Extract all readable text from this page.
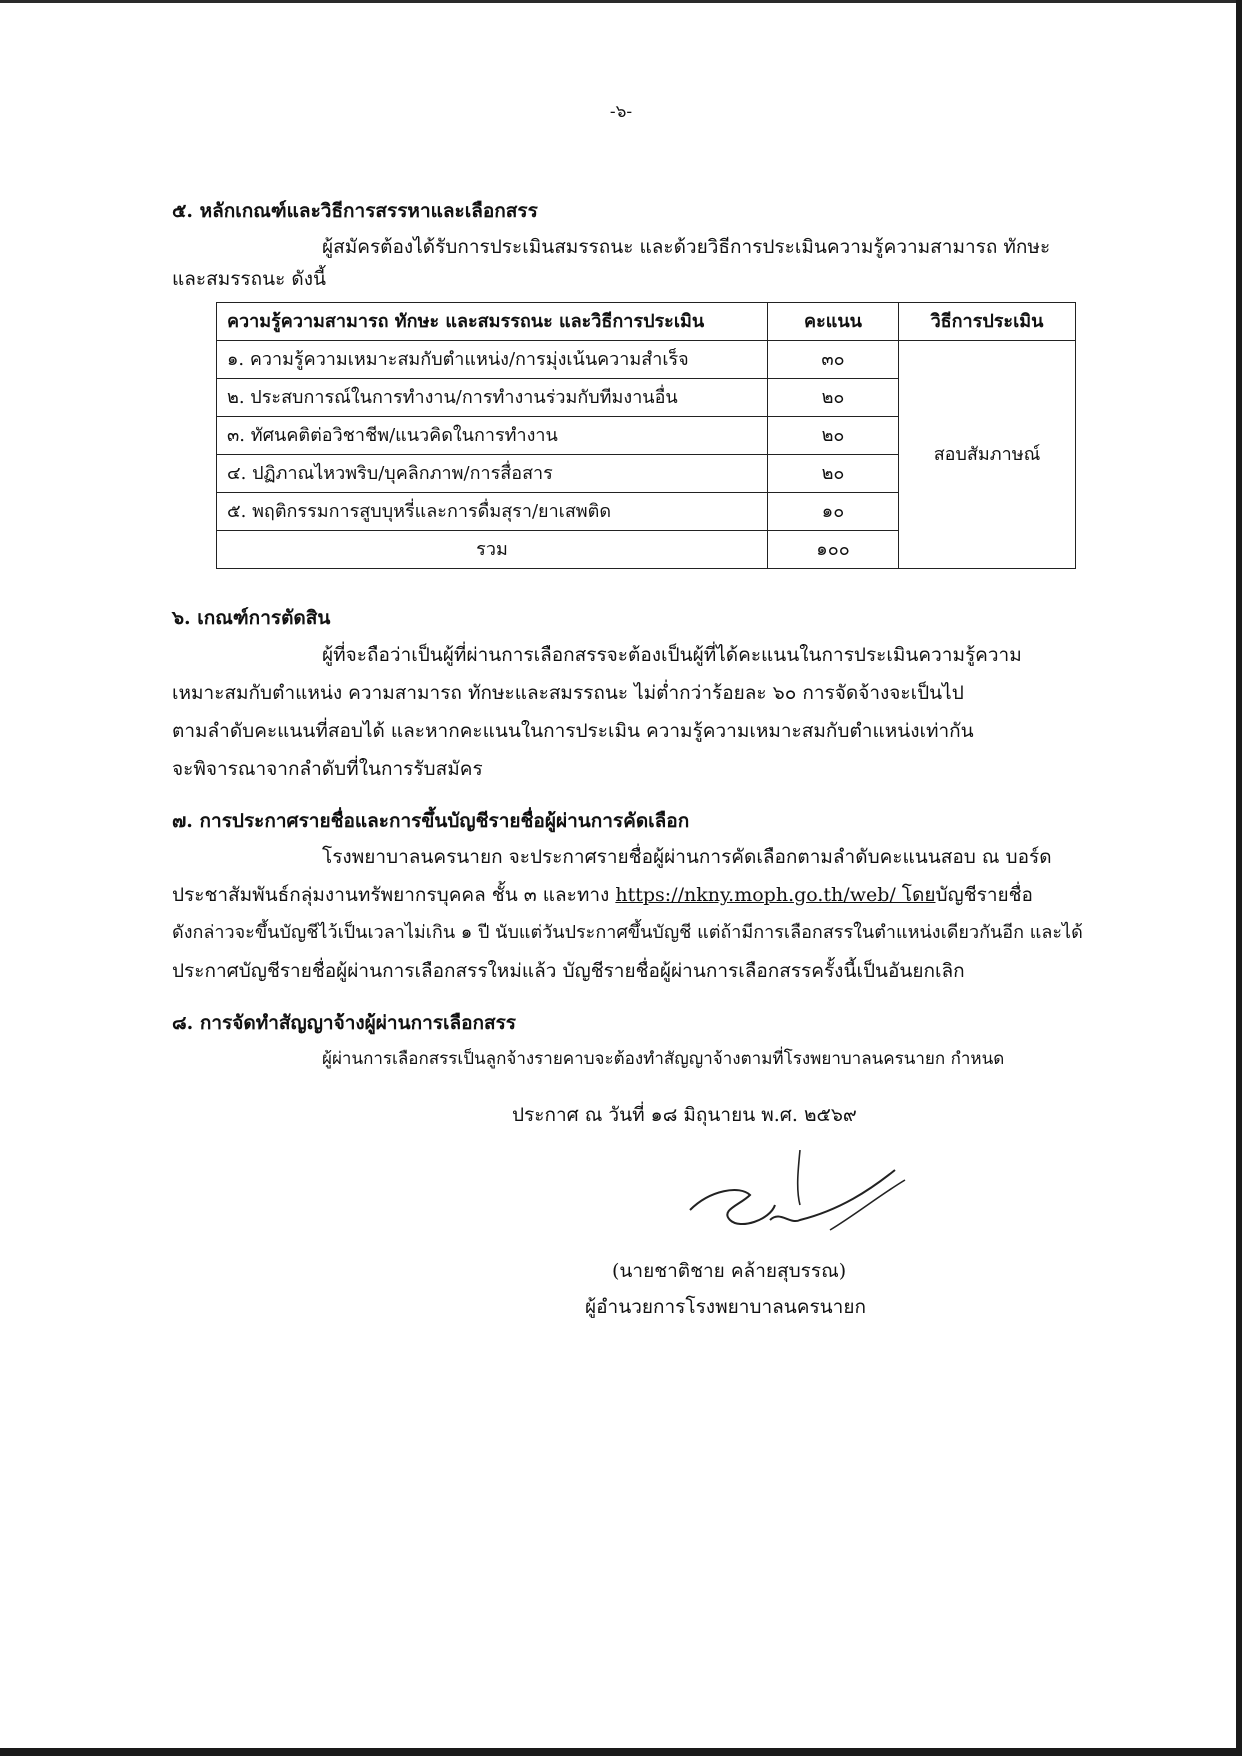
-๖-
๕. หลักเกณฑ์และวิธีการสรรหาและเลือกสรร
ผู้สมัครต้องได้รับการประเมินสมรรถนะ และด้วยวิธีการประเมินความรู้ความสามารถ ทักษะ
และสมรรถนะ ดังนี้
ความรู้ความสามารถ ทักษะ และสมรรถนะ และวิธีการประเมิน	คะแนน	วิธีการประเมิน
๑. ความรู้ความเหมาะสมกับตำแหน่ง/การมุ่งเน้นความสำเร็จ	๓๐	สอบสัมภาษณ์
๒. ประสบการณ์ในการทำงาน/การทำงานร่วมกับทีมงานอื่น	๒๐	
๓. ทัศนคติต่อวิชาชีพ/แนวคิดในการทำงาน	๒๐	
๔. ปฏิภาณไหวพริบ/บุคลิกภาพ/การสื่อสาร	๒๐	
๕. พฤติกรรมการสูบบุหรี่และการดื่มสุรา/ยาเสพติด	๑๐	
รวม	๑๐๐	
๖. เกณฑ์การตัดสิน
ผู้ที่จะถือว่าเป็นผู้ที่ผ่านการเลือกสรรจะต้องเป็นผู้ที่ได้คะแนนในการประเมินความรู้ความ
เหมาะสมกับตำแหน่ง ความสามารถ ทักษะและสมรรถนะ ไม่ต่ำกว่าร้อยละ ๖๐ การจัดจ้างจะเป็นไป
ตามลำดับคะแนนที่สอบได้ และหากคะแนนในการประเมิน ความรู้ความเหมาะสมกับตำแหน่งเท่ากัน
จะพิจารณาจากลำดับที่ในการรับสมัคร
๗. การประกาศรายชื่อและการขึ้นบัญชีรายชื่อผู้ผ่านการคัดเลือก
โรงพยาบาลนครนายก จะประกาศรายชื่อผู้ผ่านการคัดเลือกตามลำดับคะแนนสอบ ณ บอร์ด
ประชาสัมพันธ์กลุ่มงานทรัพยากรบุคคล ชั้น ๓ และทาง https://nkny.moph.go.th/web/ โดยบัญชีรายชื่อ
ดังกล่าวจะขึ้นบัญชีไว้เป็นเวลาไม่เกิน ๑ ปี นับแต่วันประกาศขึ้นบัญชี แต่ถ้ามีการเลือกสรรในตำแหน่งเดียวกันอีก และได้
ประกาศบัญชีรายชื่อผู้ผ่านการเลือกสรรใหม่แล้ว บัญชีรายชื่อผู้ผ่านการเลือกสรรครั้งนี้เป็นอันยกเลิก
๘. การจัดทำสัญญาจ้างผู้ผ่านการเลือกสรร
ผู้ผ่านการเลือกสรรเป็นลูกจ้างรายคาบจะต้องทำสัญญาจ้างตามที่โรงพยาบาลนครนายก กำหนด
ประกาศ ณ วันที่ ๑๘ มิถุนายน พ.ศ. ๒๕๖๙
(นายชาติชาย คล้ายสุบรรณ)
ผู้อำนวยการโรงพยาบาลนครนายก
